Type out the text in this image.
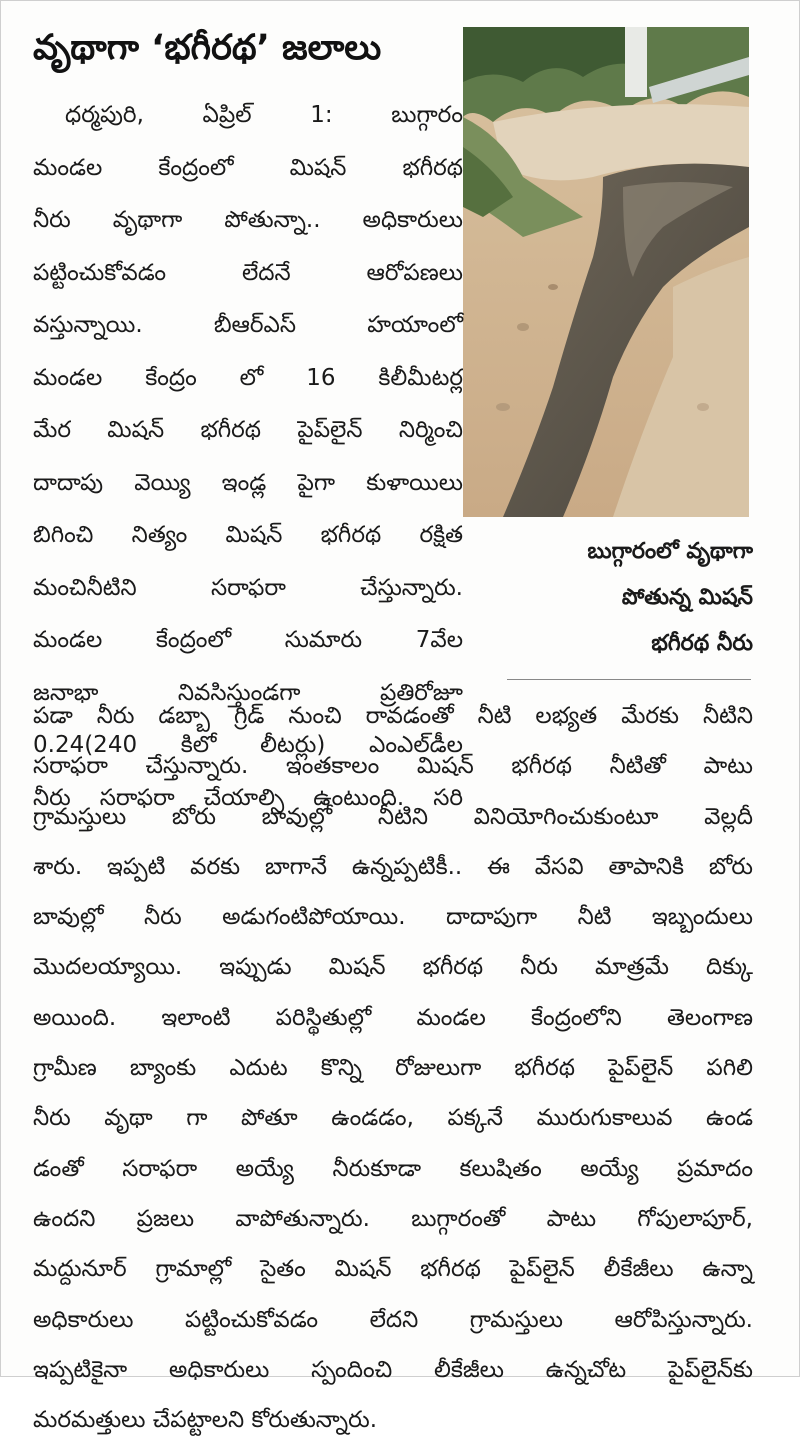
వృథాగా ‘భగీరథ’ జలాలు
బుగ్గారంలో వృథాగా
పోతున్న మిషన్
భగీరథ నీరు
ధర్మపురి, ఏప్రిల్ 1: బుగ్గారం
మండల కేంద్రంలో మిషన్ భగీరథ
నీరు వృథాగా పోతున్నా.. అధికారులు
పట్టించుకోవడం లేదనే ఆరోపణలు
వస్తున్నాయి. బీఆర్ఎస్ హయాంలో
మండల కేంద్రం లో 16 కిలీమీటర్ల
మేర మిషన్ భగీరథ పైప్‌లైన్ నిర్మించి
దాదాపు వెయ్యి ఇండ్ల పైగా కుళాయిలు
బిగించి నిత్యం మిషన్ భగీరథ రక్షిత
మంచినీటిని సరాఫరా చేస్తున్నారు.
మండల కేంద్రంలో సుమారు 7వేల
జనాభా నివసిస్తుండగా ప్రతిరోజూ
0.24(240 కిలో లీటర్లు) ఎంఎల్‌డీల
నీరు సరాఫరా చేయాల్సి ఉంటుంది. సరి
పడా నీరు డబ్బా గ్రిడ్ నుంచి రావడంతో నీటి లభ్యత మేరకు నీటిని
సరాఫరా చేస్తున్నారు. ఇంతకాలం మిషన్ భగీరథ నీటితో పాటు
గ్రామస్తులు బోరు బావుల్లో నీటిని వినియోగించుకుంటూ వెల్లదీ
శారు. ఇప్పటి వరకు బాగానే ఉన్నప్పటికీ.. ఈ వేసవి తాపానికి బోరు
బావుల్లో నీరు అడుగంటిపోయాయి. దాదాపుగా నీటి ఇబ్బందులు
మొదలయ్యాయి. ఇప్పుడు మిషన్ భగీరథ నీరు మాత్రమే దిక్కు
అయింది. ఇలాంటి పరిస్థితుల్లో మండల కేంద్రంలోని తెలంగాణ
గ్రామీణ బ్యాంకు ఎదుట కొన్ని రోజులుగా భగీరథ పైప్‌లైన్ పగిలి
నీరు వృథా గా పోతూ ఉండడం, పక్కనే మురుగుకాలువ ఉండ
డంతో సరాఫరా అయ్యే నీరుకూడా కలుషితం అయ్యే ప్రమాదం
ఉందని ప్రజలు వాపోతున్నారు. బుగ్గారంతో పాటు గోపులాపూర్,
మద్దునూర్ గ్రామాల్లో సైతం మిషన్ భగీరథ పైప్‌లైన్ లీకేజీలు ఉన్నా
అధికారులు పట్టించుకోవడం లేదని గ్రామస్తులు ఆరోపిస్తున్నారు.
ఇప్పటికైనా అధికారులు స్పందించి లీకేజీలు ఉన్నచోట పైప్‌లైన్‌కు
మరమత్తులు చేపట్టాలని కోరుతున్నారు.
